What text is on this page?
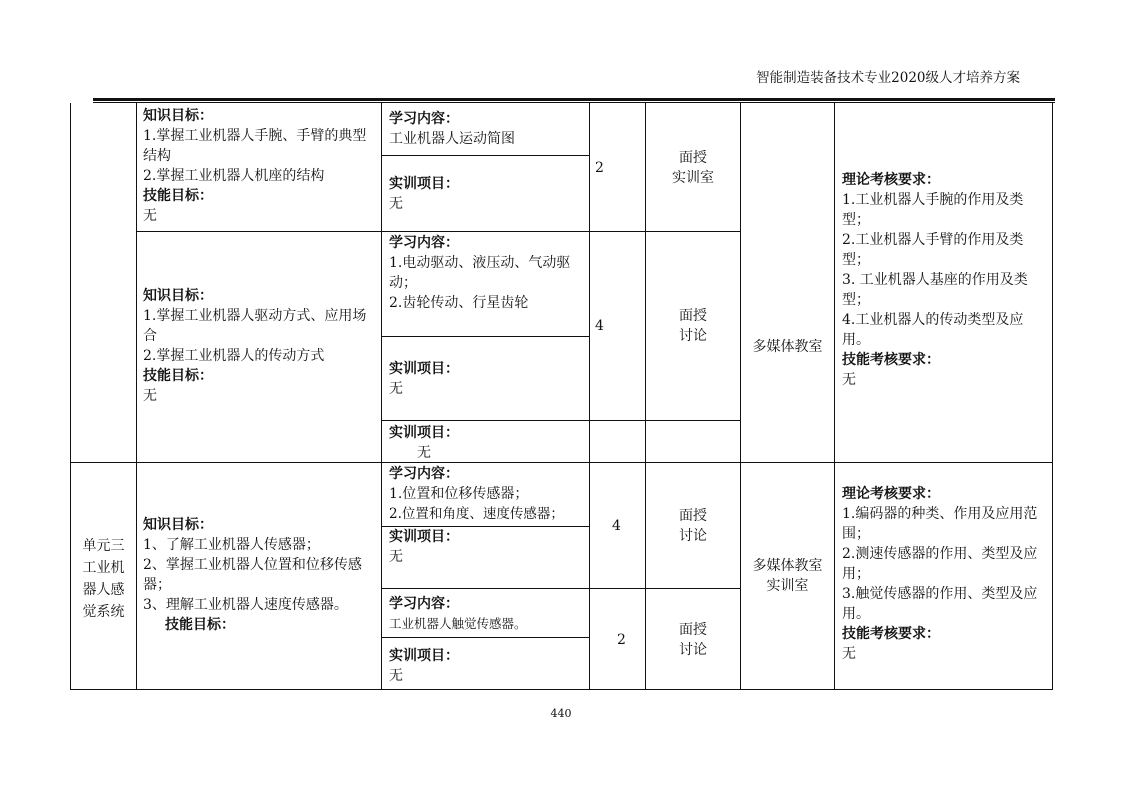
智能制造装备技术专业2020级人才培养方案
知识目标：
1.掌握工业机器人手腕、手臂的典型结构
2.掌握工业机器人机座的结构
技能目标：
无
学习内容：
工业机器人运动简图
实训项目：
无
2
面授
实训室
知识目标：
1.掌握工业机器人驱动方式、应用场合
2.掌握工业机器人的传动方式
技能目标：
无
学习内容：
1.电动驱动、液压动、气动驱动；
2.齿轮传动、行星齿轮
实训项目：
无
实训项目：
无
4
面授
讨论
多媒体教室
理论考核要求：
1.工业机器人手腕的作用及类型；
2.工业机器人手臂的作用及类型；
3. 工业机器人基座的作用及类型；
4.工业机器人的传动类型及应用。
技能考核要求：
无
单元三
工业机
器人感
觉系统
知识目标：
1、了解工业机器人传感器；
2、掌握工业机器人位置和位移传感器；
3、理解工业机器人速度传感器。
技能目标：
学习内容：
1.位置和位移传感器；
2.位置和角度、速度传感器；
实训项目：
无
4
面授
讨论
学习内容：
工业机器人触觉传感器。
实训项目：
无
2
面授
讨论
多媒体教室
实训室
理论考核要求：
1.编码器的种类、作用及应用范围；
2.测速传感器的作用、类型及应用；
3.触觉传感器的作用、类型及应用。
技能考核要求：
无
440
